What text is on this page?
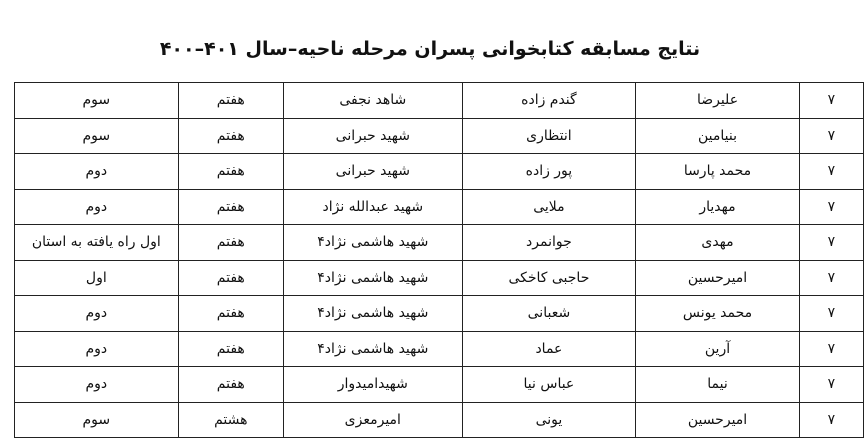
نتایج مسابقه کتابخوانی پسران مرحله ناحیه–سال ۴۰۱–۴۰۰
۷	علیرضا	گندم زاده	شاهد نجفی	هفتم	سوم
۷	بنیامین	انتظاری	شهید حبرانی	هفتم	سوم
۷	محمد پارسا	پور زاده	شهید حبرانی	هفتم	دوم
۷	مهدیار	ملایی	شهید عبدالله نژاد	هفتم	دوم
۷	مهدی	جوانمرد	شهید هاشمی نژاد۴	هفتم	اول راه یافته به استان
۷	امیرحسین	حاجبی کاخکی	شهید هاشمی نژاد۴	هفتم	اول
۷	محمد یونس	شعبانی	شهید هاشمی نژاد۴	هفتم	دوم
۷	آرین	عماد	شهید هاشمی نژاد۴	هفتم	دوم
۷	نیما	عباس نیا	شهیدامیدوار	هفتم	دوم
۷	امیرحسین	یونی	امیرمعزی	هشتم	سوم
